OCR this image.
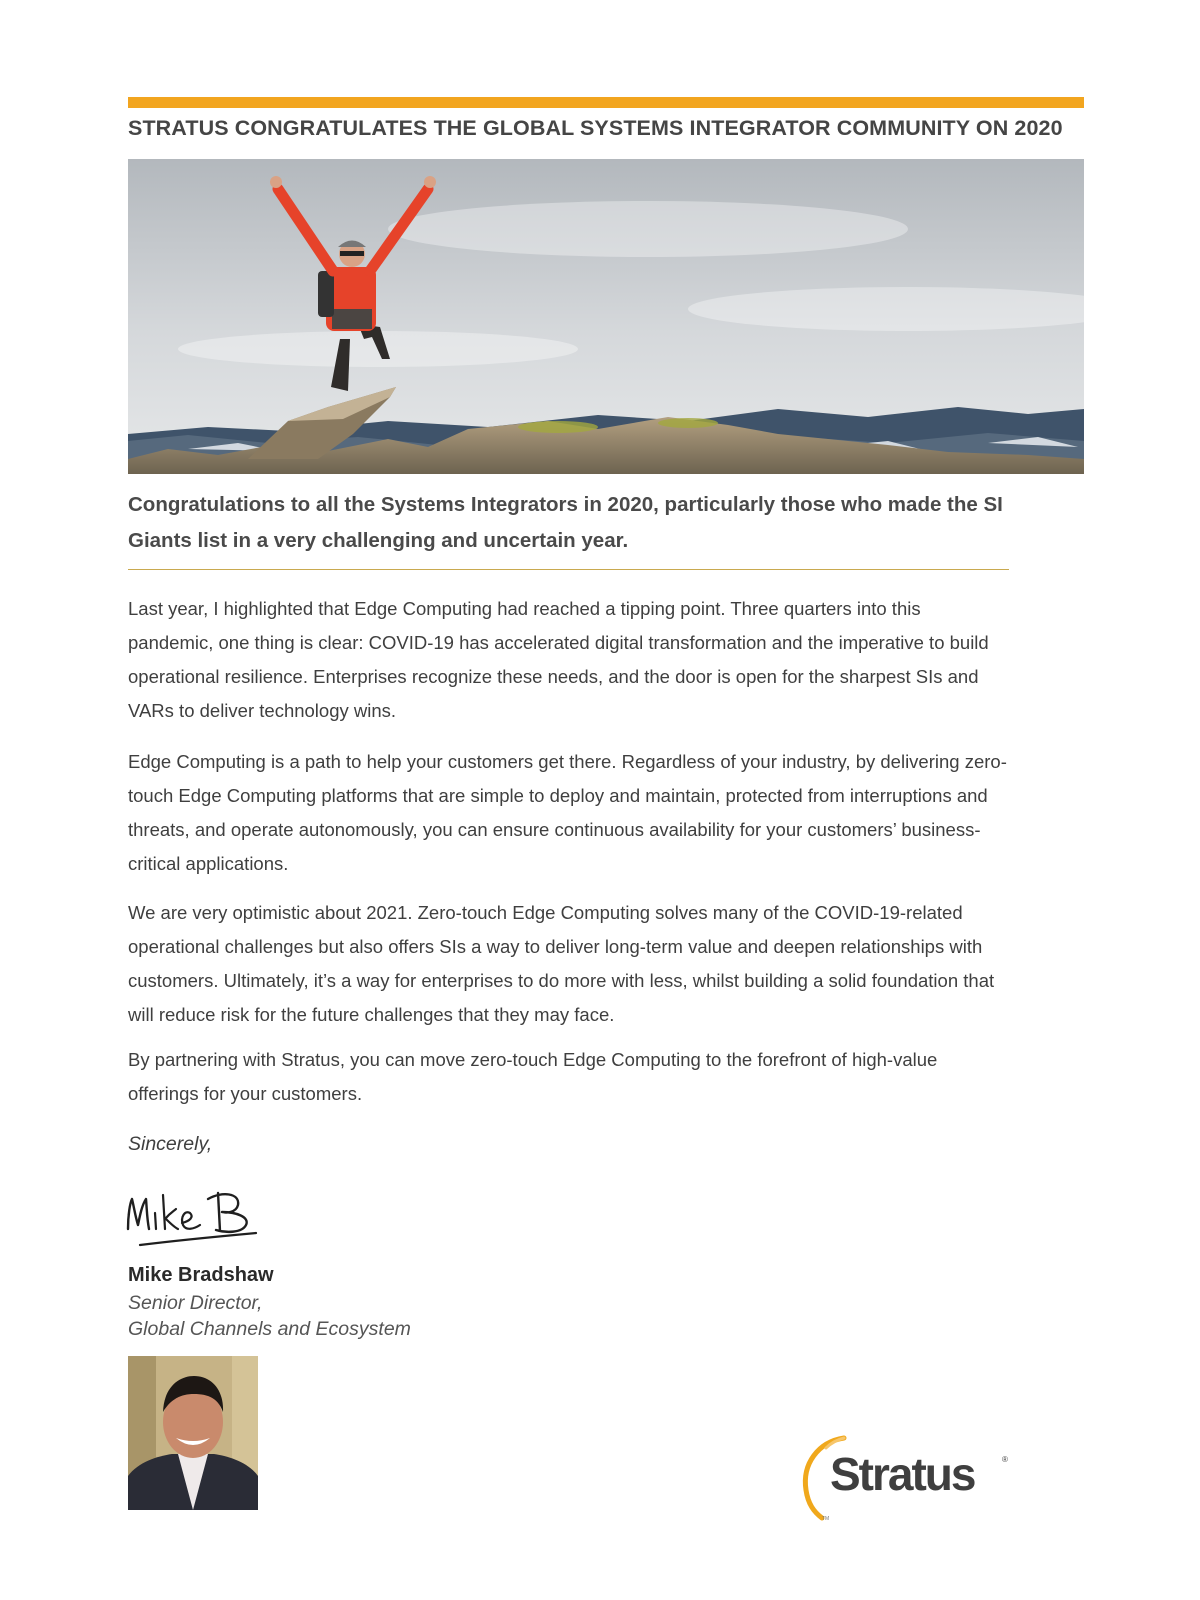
STRATUS CONGRATULATES THE GLOBAL SYSTEMS INTEGRATOR COMMUNITY ON 2020

Congratulations to all the Systems Integrators in 2020, particularly those who made the SI Giants list in a very challenging and uncertain year.

Last year, I highlighted that Edge Computing had reached a tipping point. Three quarters into this pandemic, one thing is clear: COVID-19 has accelerated digital transformation and the imperative to build operational resilience. Enterprises recognize these needs, and the door is open for the sharpest SIs and VARs to deliver technology wins.

Edge Computing is a path to help your customers get there. Regardless of your industry, by delivering zero-touch Edge Computing platforms that are simple to deploy and maintain, protected from interruptions and threats, and operate autonomously, you can ensure continuous availability for your customers’ business-critical applications.

We are very optimistic about 2021. Zero-touch Edge Computing solves many of the COVID-19-related operational challenges but also offers SIs a way to deliver long-term value and deepen relationships with customers. Ultimately, it’s a way for enterprises to do more with less, whilst building a solid foundation that will reduce risk for the future challenges that they may face.

By partnering with Stratus, you can move zero-touch Edge Computing to the forefront of high-value offerings for your customers.

Sincerely,

Mike Bradshaw

Senior Director,

Global Channels and Ecosystem

Stratus	®
TM
